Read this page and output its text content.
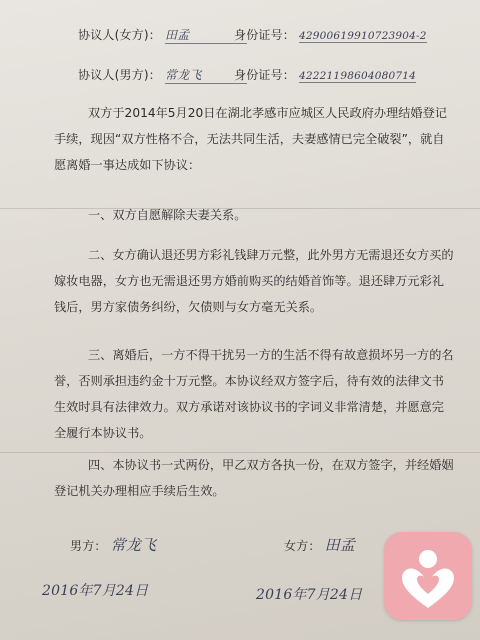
协议人(女方)： 田孟	身份证号： 42900619910723904-2
协议人(男方)： 常龙飞	身份证号： 42221198604080714

双方于2014年5月20日在湖北孝感市应城区人民政府办理结婚登记手续，现因“双方性格不合，无法共同生活，夫妻感情已完全破裂”，就自愿离婚一事达成如下协议：

一、双方自愿解除夫妻关系。

二、女方确认退还男方彩礼钱肆万元整，此外男方无需退还女方买的嫁妆电器，女方也无需退还男方婚前购买的结婚首饰等。退还肆万元彩礼钱后，男方家债务纠纷，欠债则与女方毫无关系。

三、离婚后，一方不得干扰另一方的生活不得有故意损坏另一方的名誉，否则承担违约金十万元整。本协议经双方签字后，待有效的法律文书生效时具有法律效力。双方承诺对该协议书的字词义非常清楚，并愿意完全履行本协议书。

四、本协议书一式两份，甲乙双方各执一份，在双方签字，并经婚姻登记机关办理相应手续后生效。

男方： 常龙飞	女方： 田孟
2016年7月24日	2016年7月24日
